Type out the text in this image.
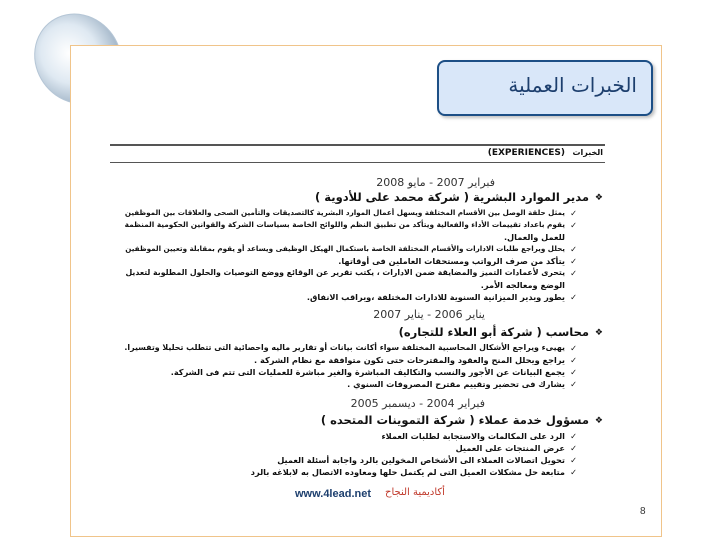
الخبرات العملية
الخبرات
(EXPERIENCES)
فبراير 2007 - مايو 2008
❖
مدير الموارد البشرية ( شركة محمد على للأدوية )
✓
يمثل حلقة الوصل بين الأقسام المختلفة ويسهل أعمال الموارد البشرية كالتصديقات والتأمين الصحى والعلاقات بين الموظفين
✓
يقوم باعداد تقييمات الأداء والفعالية ويتأكد من تطبيق النظم واللوائح الخاصة بسياسات الشركة والقوانين الحكومية المنظمة
للعمل والعمال.
✓
يحلل ويراجع طلبات الادارات والأقسام المختلفة الخاصة باستكمال الهيكل الوظيفى ويساعد أو يقوم بمقابلة وتعيين الموظفين
✓
يتأكد من صرف الرواتب ومستحقات العاملين فى أوقاتها.
✓
يتحرى لأعمادات التميز والمضايقة ضمن الادارات ، يكتب تقرير عن الوقائع ووضع التوصيات والحلول المطلوبة لتعديل
الوضع ومعالجه الأمر.
✓
يطور ويدير الميزانية السنوية للادارات المختلفة ،ويراقب الانفاق.
يناير 2006 - يناير 2007
❖
محاسب ( شركة أبو العلاء للتجاره)
✓
يهيىء ويراجع الأشكال المحاسبية المختلفة سواء أكانت بيانات أو تقارير ماليه واحصائية التى تتطلب تحليلا وتفسيرا.
✓
يراجع ويحلل المنح والعقود والمقترحات حتى تكون متوافقة مع نظام الشركة .
✓
يجمع البيانات عن الأجور والنسب والتكاليف المباشرة والغير مباشرة للعمليات التى تتم فى الشركة.
✓
يشارك فى تحضير وتقييم مقترح المصروفات السنوي .
فبراير 2004 - ديسمبر 2005
❖
مسؤول خدمة عملاء ( شركة التموينات المتحده )
✓
الرد على المكالمات والاستجابة لطلبات العملاء
✓
عرض المنتجات على العميل
✓
تحويل اتصالات العملاء الى الأشخاص المخولين بالرد واجابة أسئلة العميل
✓
متابعة حل مشكلات العميل التى لم يكتمل حلها ومعاوده الاتصال به لابلاغه بالرد
www.4lead.net أكاديمية النجاح
8
